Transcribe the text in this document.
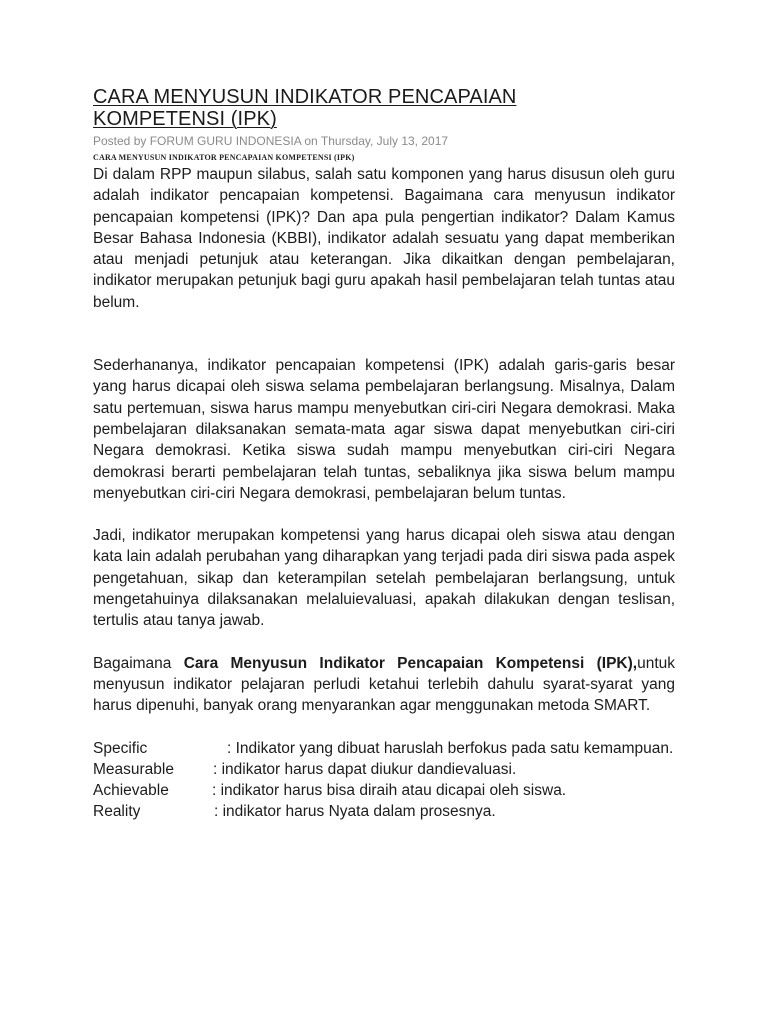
CARA MENYUSUN INDIKATOR PENCAPAIAN
KOMPETENSI (IPK)
Posted by FORUM GURU INDONESIA on Thursday, July 13, 2017
CARA MENYUSUN INDIKATOR PENCAPAIAN KOMPETENSI (IPK)

Di dalam RPP maupun silabus, salah satu komponen yang harus disusun oleh guru adalah indikator pencapaian kompetensi. Bagaimana cara menyusun indikator pencapaian kompetensi (IPK)? Dan apa pula pengertian indikator? Dalam Kamus Besar Bahasa Indonesia (KBBI), indikator adalah sesuatu yang dapat memberikan atau menjadi petunjuk atau keterangan. Jika dikaitkan dengan pembelajaran, indikator merupakan petunjuk bagi guru apakah hasil pembelajaran telah tuntas atau belum.

Sederhananya, indikator pencapaian kompetensi (IPK) adalah garis-garis besar yang harus dicapai oleh siswa selama pembelajaran berlangsung. Misalnya, Dalam satu pertemuan, siswa harus mampu menyebutkan ciri-ciri Negara demokrasi. Maka pembelajaran dilaksanakan semata-mata agar siswa dapat menyebutkan ciri-ciri Negara demokrasi. Ketika siswa sudah mampu menyebutkan ciri-ciri Negara demokrasi berarti pembelajaran telah tuntas, sebaliknya jika siswa belum mampu menyebutkan ciri-ciri Negara demokrasi, pembelajaran belum tuntas.

Jadi, indikator merupakan kompetensi yang harus dicapai oleh siswa atau dengan kata lain adalah perubahan yang diharapkan yang terjadi pada diri siswa pada aspek pengetahuan, sikap dan keterampilan setelah pembelajaran berlangsung, untuk mengetahuinya dilaksanakan melaluievaluasi, apakah dilakukan dengan teslisan, tertulis atau tanya jawab.

Bagaimana Cara Menyusun Indikator Pencapaian Kompetensi (IPK),untuk menyusun indikator pelajaran perludi ketahui terlebih dahulu syarat-syarat yang harus dipenuhi, banyak orang menyarankan agar menggunakan metoda SMART.

Specific	: Indikator yang dibuat haruslah berfokus pada satu kemampuan.
Measurable	: indikator harus dapat diukur dandievaluasi.
Achievable	: indikator harus bisa diraih atau dicapai oleh siswa.
Reality	: indikator harus Nyata dalam prosesnya.
